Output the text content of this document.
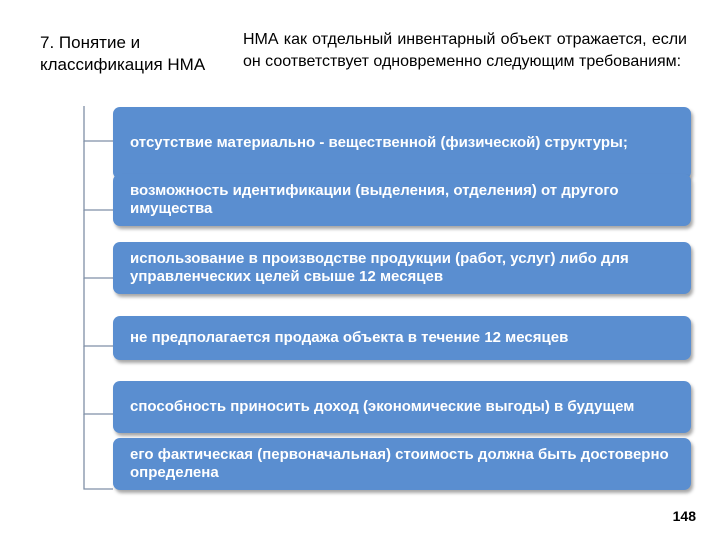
7. Понятие и классификация НМА
НМА как отдельный инвентарный объект отражается, если он соответствует одновременно следующим требованиям:
отсутствие материально - вещественной (физической) структуры;
возможность идентификации (выделения, отделения) от другого имущества
использование в производстве продукции (работ, услуг) либо для управленческих целей свыше 12 месяцев
не предполагается продажа объекта в течение 12 месяцев
способность приносить доход (экономические выгоды) в будущем
его фактическая (первоначальная) стоимость должна быть достоверно определена
148
